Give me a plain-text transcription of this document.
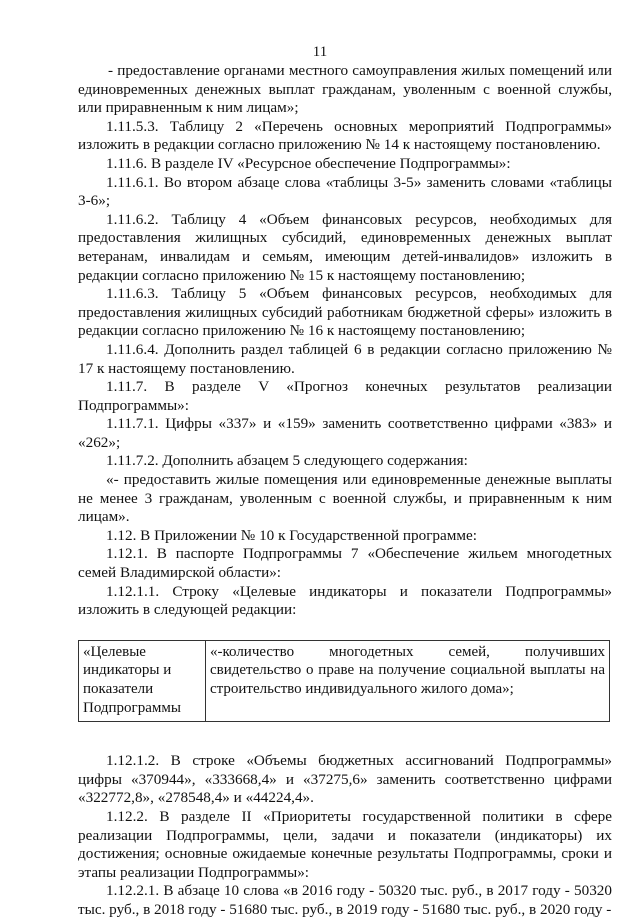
11

- предоставление органами местного самоуправления жилых помещений или единовременных денежных выплат гражданам, уволенным с военной службы, или приравненным к ним лицам»;

1.11.5.3. Таблицу 2 «Перечень основных мероприятий Подпрограммы» изложить в редакции согласно приложению № 14 к настоящему постановлению.

1.11.6. В разделе IV «Ресурсное обеспечение Подпрограммы»:

1.11.6.1. Во втором абзаце слова «таблицы 3-5» заменить словами «таблицы 3-6»;

1.11.6.2. Таблицу 4 «Объем финансовых ресурсов, необходимых для предоставления жилищных субсидий, единовременных денежных выплат ветеранам, инвалидам и семьям, имеющим детей-инвалидов» изложить в редакции согласно приложению № 15 к настоящему постановлению;

1.11.6.3. Таблицу 5 «Объем финансовых ресурсов, необходимых для предоставления жилищных субсидий работникам бюджетной сферы» изложить в редакции согласно приложению № 16 к настоящему постановлению;

1.11.6.4. Дополнить раздел таблицей 6 в редакции согласно приложению № 17 к настоящему постановлению.

1.11.7. В разделе V «Прогноз конечных результатов реализации Подпрограммы»:

1.11.7.1. Цифры «337» и «159» заменить соответственно цифрами «383» и «262»;

1.11.7.2. Дополнить абзацем 5 следующего содержания:

«- предоставить жилые помещения или единовременные денежные выплаты не менее 3 гражданам, уволенным с военной службы, и приравненным к ним лицам».

1.12. В Приложении № 10 к Государственной программе:

1.12.1. В паспорте Подпрограммы 7 «Обеспечение жильем многодетных семей Владимирской области»:

1.12.1.1. Строку «Целевые индикаторы и показатели Подпрограммы» изложить в следующей редакции:

«Целевые индикаторы и показатели Подпрограммы	«-количество многодетных семей, получивших свидетельство о праве на получение социальной выплаты на строительство индивидуального жилого дома»;

1.12.1.2. В строке «Объемы бюджетных ассигнований Подпрограммы» цифры «370944», «333668,4» и «37275,6» заменить соответственно цифрами «322772,8», «278548,4» и «44224,4».

1.12.2. В разделе II «Приоритеты государственной политики в сфере реализации Подпрограммы, цели, задачи и показатели (индикаторы) их достижения; основные ожидаемые конечные результаты Подпрограммы, сроки и этапы реализации Подпрограммы»:

1.12.2.1. В абзаце 10 слова «в 2016 году - 50320 тыс. руб., в 2017 году - 50320 тыс. руб., в 2018 году - 51680 тыс. руб., в 2019 году - 51680 тыс. руб., в 2020 году -
